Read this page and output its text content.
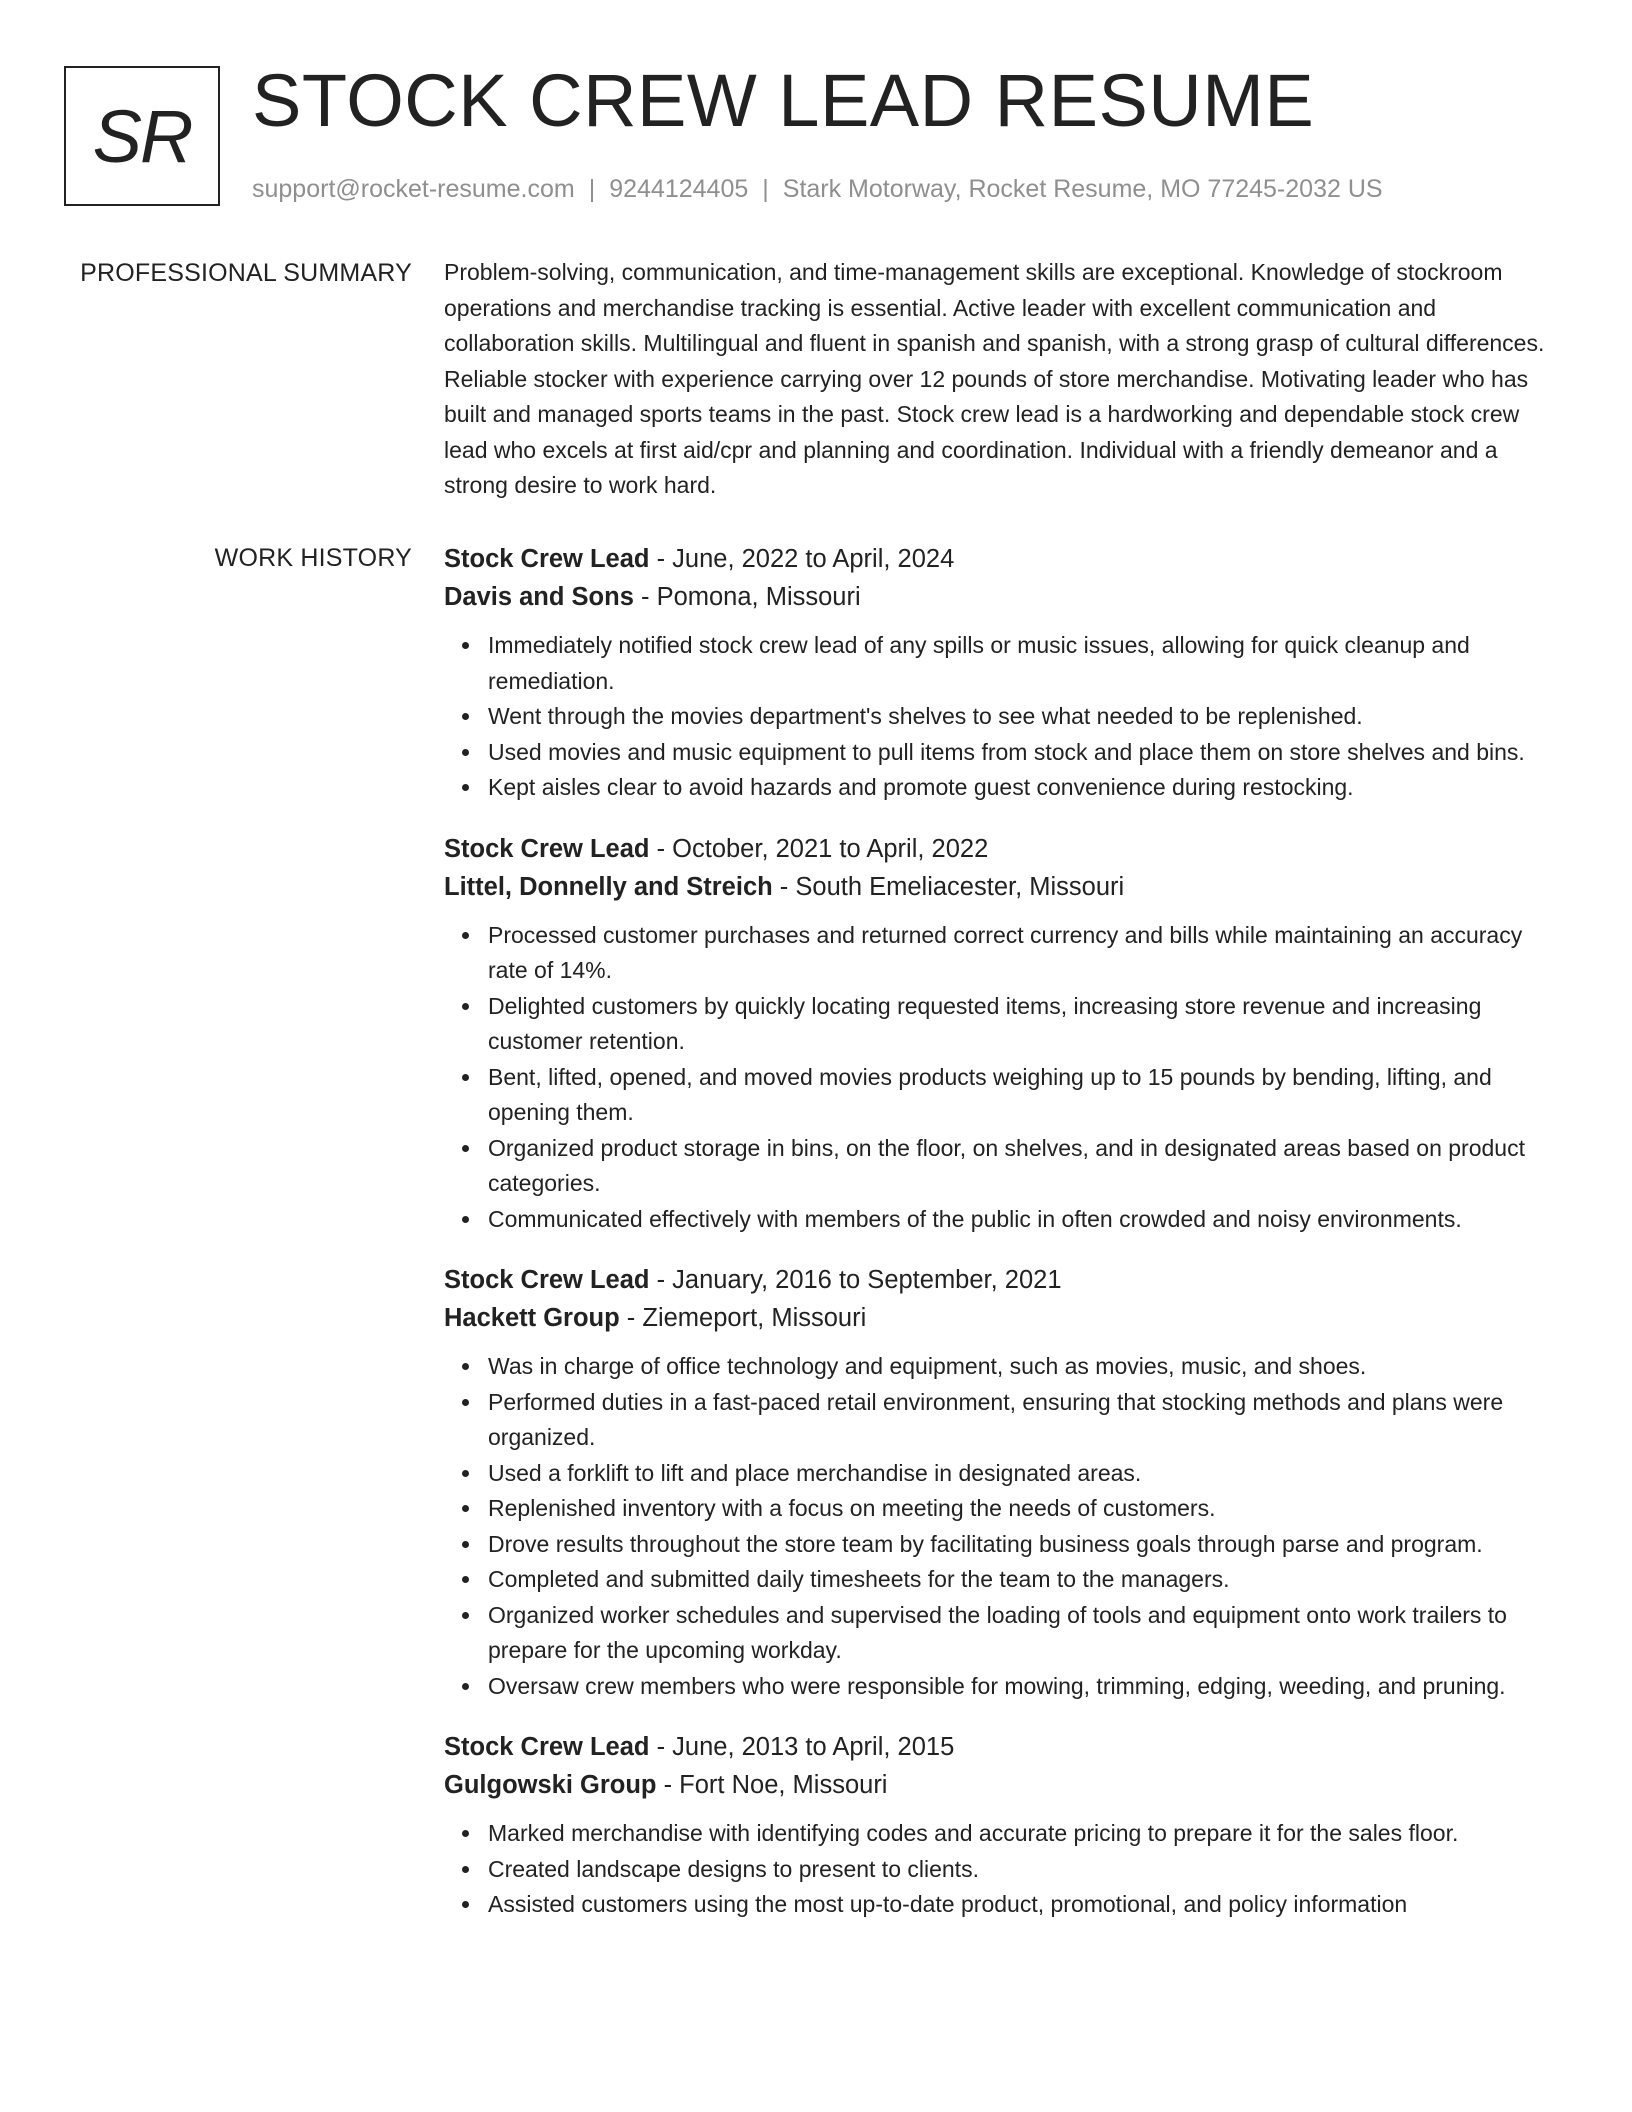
SR STOCK CREW LEAD RESUME
support@rocket-resume.com | 9244124405 | Stark Motorway, Rocket Resume, MO 77245-2032 US
PROFESSIONAL SUMMARY Problem-solving, communication, and time-management skills are exceptional. Knowledge of stockroom operations and merchandise tracking is essential. Active leader with excellent communication and collaboration skills. Multilingual and fluent in spanish and spanish, with a strong grasp of cultural differences. Reliable stocker with experience carrying over 12 pounds of store merchandise. Motivating leader who has built and managed sports teams in the past. Stock crew lead is a hardworking and dependable stock crew lead who excels at first aid/cpr and planning and coordination. Individual with a friendly demeanor and a strong desire to work hard.

WORK HISTORY Stock Crew Lead - June, 2022 to April, 2024
Davis and Sons - Pomona, Missouri
Immediately notified stock crew lead of any spills or music issues, allowing for quick cleanup and remediation.
Went through the movies department's shelves to see what needed to be replenished.
Used movies and music equipment to pull items from stock and place them on store shelves and bins.
Kept aisles clear to avoid hazards and promote guest convenience during restocking.
Stock Crew Lead - October, 2021 to April, 2022
Littel, Donnelly and Streich - South Emeliacester, Missouri
Processed customer purchases and returned correct currency and bills while maintaining an accuracy rate of 14%.
Delighted customers by quickly locating requested items, increasing store revenue and increasing customer retention.
Bent, lifted, opened, and moved movies products weighing up to 15 pounds by bending, lifting, and opening them.
Organized product storage in bins, on the floor, on shelves, and in designated areas based on product categories.
Communicated effectively with members of the public in often crowded and noisy environments.
Stock Crew Lead - January, 2016 to September, 2021
Hackett Group - Ziemeport, Missouri
Was in charge of office technology and equipment, such as movies, music, and shoes.
Performed duties in a fast-paced retail environment, ensuring that stocking methods and plans were organized.
Used a forklift to lift and place merchandise in designated areas.
Replenished inventory with a focus on meeting the needs of customers.
Drove results throughout the store team by facilitating business goals through parse and program.
Completed and submitted daily timesheets for the team to the managers.
Organized worker schedules and supervised the loading of tools and equipment onto work trailers to prepare for the upcoming workday.
Oversaw crew members who were responsible for mowing, trimming, edging, weeding, and pruning.
Stock Crew Lead - June, 2013 to April, 2015
Gulgowski Group - Fort Noe, Missouri
Marked merchandise with identifying codes and accurate pricing to prepare it for the sales floor.
Created landscape designs to present to clients.
Assisted customers using the most up-to-date product, promotional, and policy information
